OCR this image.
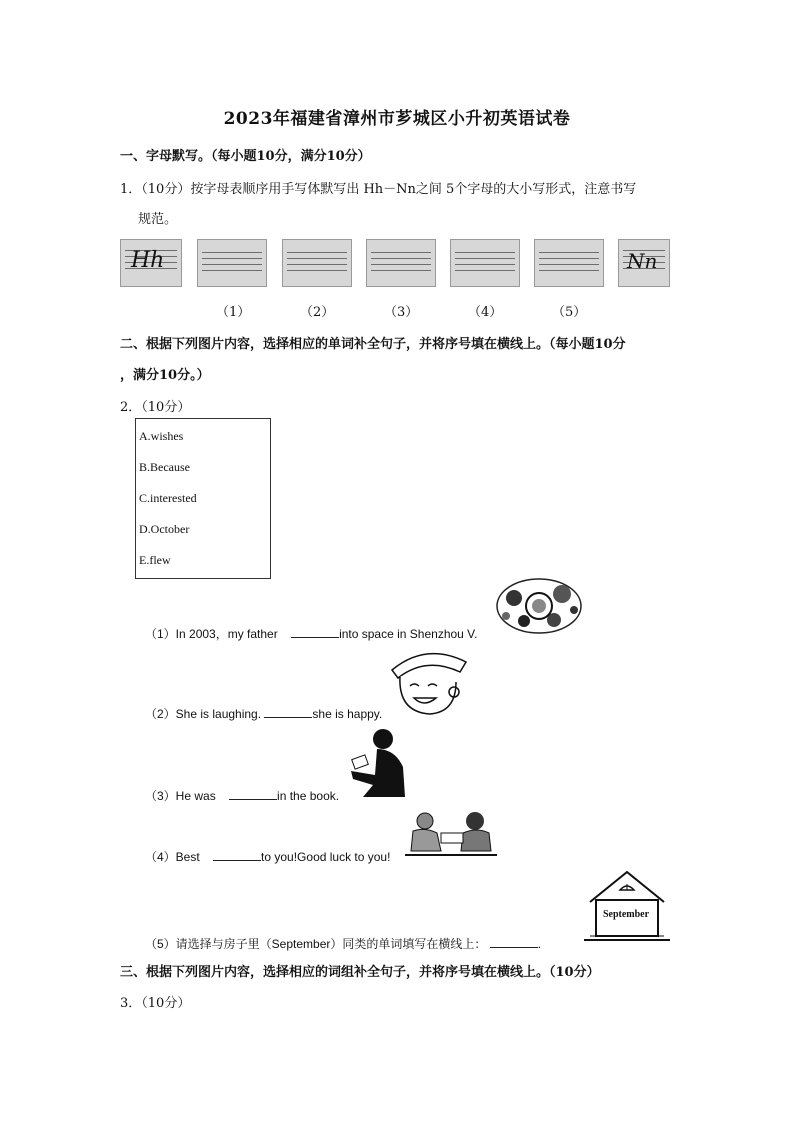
2023年福建省漳州市芗城区小升初英语试卷
一、字母默写。（每小题10分，满分10分）
1．（10分）按字母表顺序用手写体默写出 Hh－Nn之间 5个字母的大小写形式，注意书写
规范。
Hh	Nn
（1）	（2）	（3）	（4）	（5）
二、根据下列图片内容，选择相应的单词补全句子，并将序号填在横线上。（每小题10分
，满分10分。）
2．（10分）
A.wishes
B.Because
C.interested
D.October
E.flew
（1）In 2003，my father	into space in Shenzhou V.
（2）She is laughing.	she is happy.
（3）He was	in the book.
（4）Best	to you!Good luck to you!
（5）请选择与房子里（September）同类的单词填写在横线上：	.
September
三、根据下列图片内容，选择相应的词组补全句子，并将序号填在横线上。（10分）
3．（10分）
